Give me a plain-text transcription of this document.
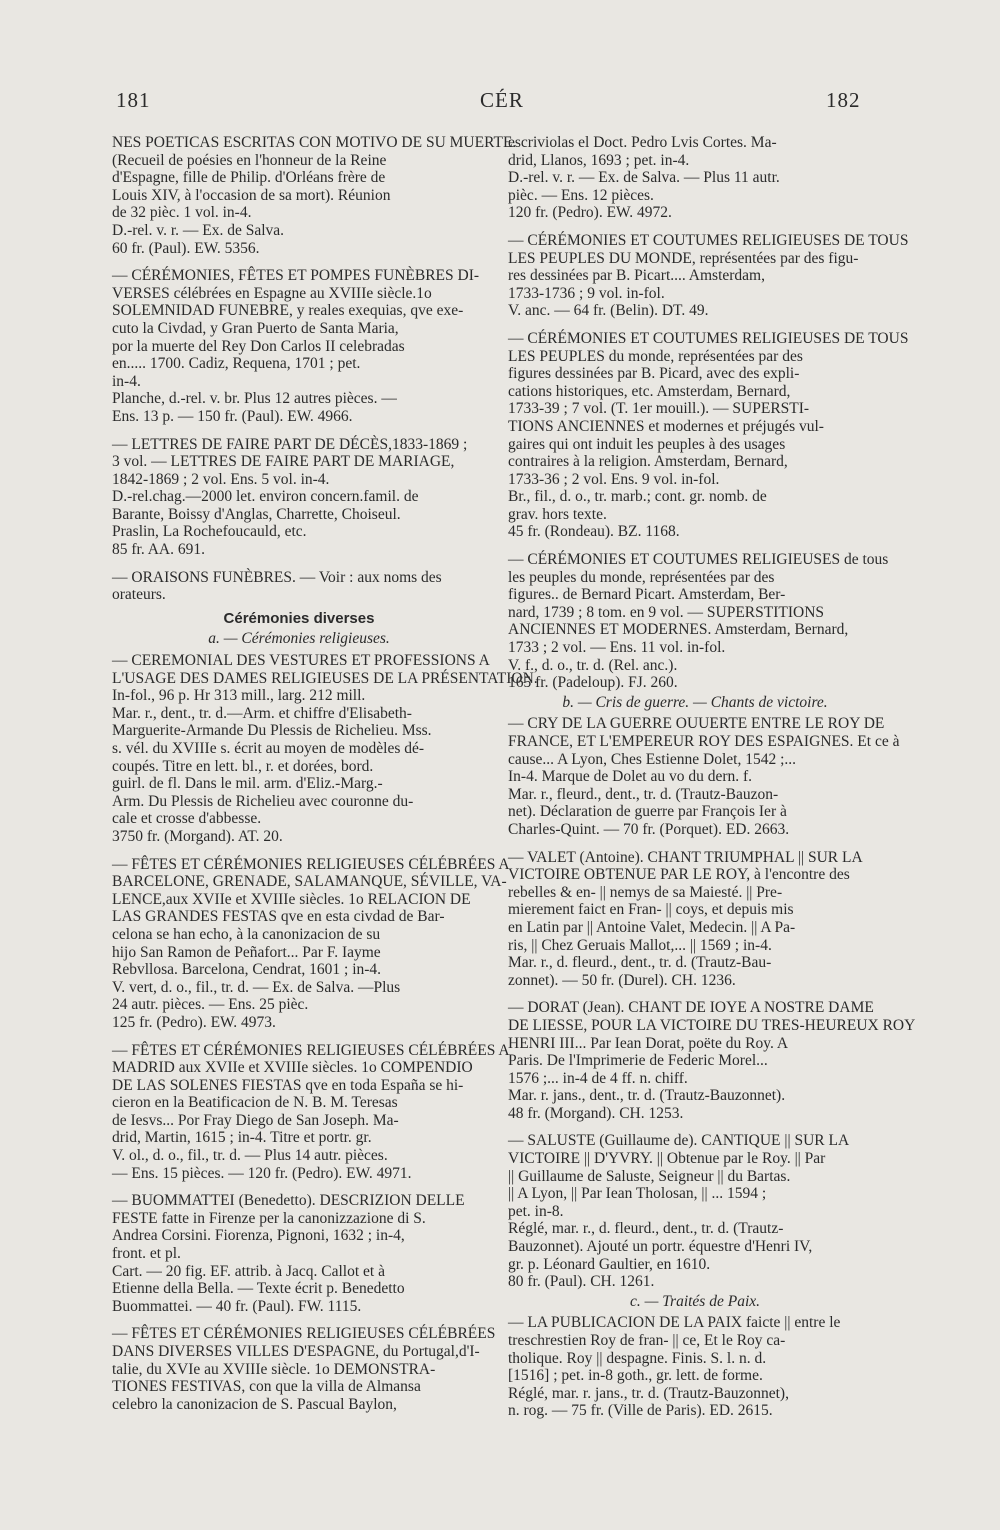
181	CÉR	182
NES POETICAS ESCRITAS CON MOTIVO DE SU MUERTE.
(Recueil de poésies en l'honneur de la Reine
d'Espagne, fille de Philip. d'Orléans frère de
Louis XIV, à l'occasion de sa mort). Réunion
de 32 pièc. 1 vol. in-4.
D.-rel. v. r. — Ex. de Salva.
60 fr. (Paul). EW. 5356.
— CÉRÉMONIES, FÊTES ET POMPES FUNÈBRES DI-
VERSES célébrées en Espagne au XVIIIe siècle.1o
SOLEMNIDAD FUNEBRE, y reales exequias, qve exe-
cuto la Civdad, y Gran Puerto de Santa Maria,
por la muerte del Rey Don Carlos II celebradas
en..... 1700. Cadiz, Requena, 1701 ; pet.
in-4.
Planche, d.-rel. v. br. Plus 12 autres pièces. —
Ens. 13 p. — 150 fr. (Paul). EW. 4966.
— LETTRES DE FAIRE PART DE DÉCÈS,1833-1869 ;
3 vol. — LETTRES DE FAIRE PART DE MARIAGE,
1842-1869 ; 2 vol. Ens. 5 vol. in-4.
D.-rel.chag.—2000 let. environ concern.famil. de
Barante, Boissy d'Anglas, Charrette, Choiseul.
Praslin, La Rochefoucauld, etc.
85 fr. AA. 691.
— ORAISONS FUNÈBRES. — Voir : aux noms des
orateurs.
Cérémonies diverses
a. — Cérémonies religieuses.
— CEREMONIAL DES VESTURES ET PROFESSIONS A
L'USAGE DES DAMES RELIGIEUSES DE LA PRÉSENTATION.
In-fol., 96 p. Hr 313 mill., larg. 212 mill.
Mar. r., dent., tr. d.—Arm. et chiffre d'Elisabeth-
Marguerite-Armande Du Plessis de Richelieu. Mss.
s. vél. du XVIIIe s. écrit au moyen de modèles dé-
coupés. Titre en lett. bl., r. et dorées, bord.
guirl. de fl. Dans le mil. arm. d'Eliz.-Marg.-
Arm. Du Plessis de Richelieu avec couronne du-
cale et crosse d'abbesse.
3750 fr. (Morgand). AT. 20.
— FÊTES ET CÉRÉMONIES RELIGIEUSES CÉLÉBRÉES A
BARCELONE, GRENADE, SALAMANQUE, SÉVILLE, VA-
LENCE,aux XVIIe et XVIIIe siècles. 1o RELACION DE
LAS GRANDES FESTAS qve en esta civdad de Bar-
celona se han echo, à la canonizacion de su
hijo San Ramon de Peñafort... Par F. Iayme
Rebvllosa. Barcelona, Cendrat, 1601 ; in-4.
V. vert, d. o., fil., tr. d. — Ex. de Salva. —Plus
24 autr. pièces. — Ens. 25 pièc.
125 fr. (Pedro). EW. 4973.
— FÊTES ET CÉRÉMONIES RELIGIEUSES CÉLÉBRÉES A
MADRID aux XVIIe et XVIIIe siècles. 1o COMPENDIO
DE LAS SOLENES FIESTAS qve en toda España se hi-
cieron en la Beatificacion de N. B. M. Teresas
de Iesvs... Por Fray Diego de San Joseph. Ma-
drid, Martin, 1615 ; in-4. Titre et portr. gr.
V. ol., d. o., fil., tr. d. — Plus 14 autr. pièces.
— Ens. 15 pièces. — 120 fr. (Pedro). EW. 4971.
— BUOMMATTEI (Benedetto). DESCRIZION DELLE
FESTE fatte in Firenze per la canonizzazione di S.
Andrea Corsini. Fiorenza, Pignoni, 1632 ; in-4,
front. et pl.
Cart. — 20 fig. EF. attrib. à Jacq. Callot et à
Etienne della Bella. — Texte écrit p. Benedetto
Buommattei. — 40 fr. (Paul). FW. 1115.
— FÊTES ET CÉRÉMONIES RELIGIEUSES CÉLÉBRÉES
DANS DIVERSES VILLES D'ESPAGNE, du Portugal,d'I-
talie, du XVIe au XVIIIe siècle. 1o DEMONSTRA-
TIONES FESTIVAS, con que la villa de Almansa
celebro la canonizacion de S. Pascual Baylon,
escriviolas el Doct. Pedro Lvis Cortes. Ma-
drid, Llanos, 1693 ; pet. in-4.
D.-rel. v. r. — Ex. de Salva. — Plus 11 autr.
pièc. — Ens. 12 pièces.
120 fr. (Pedro). EW. 4972.
— CÉRÉMONIES ET COUTUMES RELIGIEUSES DE TOUS
LES PEUPLES DU MONDE, représentées par des figu-
res dessinées par B. Picart.... Amsterdam,
1733-1736 ; 9 vol. in-fol.
V. anc. — 64 fr. (Belin). DT. 49.
— CÉRÉMONIES ET COUTUMES RELIGIEUSES DE TOUS
LES PEUPLES du monde, représentées par des
figures dessinées par B. Picard, avec des expli-
cations historiques, etc. Amsterdam, Bernard,
1733-39 ; 7 vol. (T. 1er mouill.). — SUPERSTI-
TIONS ANCIENNES et modernes et préjugés vul-
gaires qui ont induit les peuples à des usages
contraires à la religion. Amsterdam, Bernard,
1733-36 ; 2 vol. Ens. 9 vol. in-fol.
Br., fil., d. o., tr. marb.; cont. gr. nomb. de
grav. hors texte.
45 fr. (Rondeau). BZ. 1168.
— CÉRÉMONIES ET COUTUMES RELIGIEUSES de tous
les peuples du monde, représentées par des
figures.. de Bernard Picart. Amsterdam, Ber-
nard, 1739 ; 8 tom. en 9 vol. — SUPERSTITIONS
ANCIENNES ET MODERNES. Amsterdam, Bernard,
1733 ; 2 vol. — Ens. 11 vol. in-fol.
V. f., d. o., tr. d. (Rel. anc.).
165 fr. (Padeloup). FJ. 260.
b. — Cris de guerre. — Chants de victoire.
— CRY DE LA GUERRE OUUERTE ENTRE LE ROY DE
FRANCE, ET L'EMPEREUR ROY DES ESPAIGNES. Et ce à
cause... A Lyon, Ches Estienne Dolet, 1542 ;...
In-4. Marque de Dolet au vo du dern. f.
Mar. r., fleurd., dent., tr. d. (Trautz-Bauzon-
net). Déclaration de guerre par François Ier à
Charles-Quint. — 70 fr. (Porquet). ED. 2663.
— VALET (Antoine). CHANT TRIUMPHAL || SUR LA
VICTOIRE OBTENUE PAR LE ROY, à l'encontre des
rebelles & en- || nemys de sa Maiesté. || Pre-
mierement faict en Fran- || coys, et depuis mis
en Latin par || Antoine Valet, Medecin. || A Pa-
ris, || Chez Geruais Mallot,... || 1569 ; in-4.
Mar. r., d. fleurd., dent., tr. d. (Trautz-Bau-
zonnet). — 50 fr. (Durel). CH. 1236.
— DORAT (Jean). CHANT DE IOYE A NOSTRE DAME
DE LIESSE, POUR LA VICTOIRE DU TRES-HEUREUX ROY
HENRI III... Par Iean Dorat, poëte du Roy. A
Paris. De l'Imprimerie de Federic Morel...
1576 ;... in-4 de 4 ff. n. chiff.
Mar. r. jans., dent., tr. d. (Trautz-Bauzonnet).
48 fr. (Morgand). CH. 1253.
— SALUSTE (Guillaume de). CANTIQUE || SUR LA
VICTOIRE || D'YVRY. || Obtenue par le Roy. || Par
|| Guillaume de Saluste, Seigneur || du Bartas.
|| A Lyon, || Par Iean Tholosan, || ... 1594 ;
pet. in-8.
Réglé, mar. r., d. fleurd., dent., tr. d. (Trautz-
Bauzonnet). Ajouté un portr. équestre d'Henri IV,
gr. p. Léonard Gaultier, en 1610.
80 fr. (Paul). CH. 1261.
c. — Traités de Paix.
— LA PUBLICACION DE LA PAIX faicte || entre le
treschrestien Roy de fran- || ce, Et le Roy ca-
tholique. Roy || despagne. Finis. S. l. n. d.
[1516] ; pet. in-8 goth., gr. lett. de forme.
Réglé, mar. r. jans., tr. d. (Trautz-Bauzonnet),
n. rog. — 75 fr. (Ville de Paris). ED. 2615.
